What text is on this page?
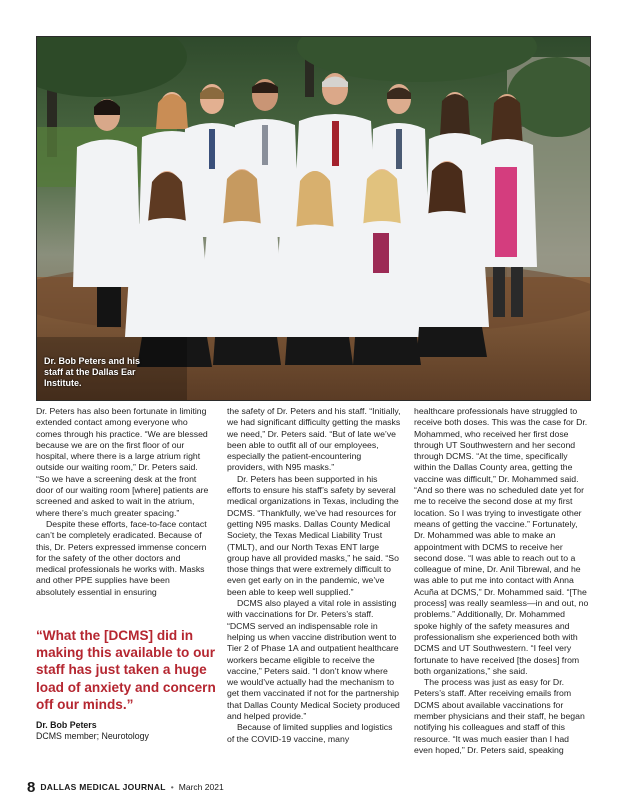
Dr. Bob Peters and his staff at the Dallas Ear Institute.

Dr. Peters has also been fortunate in limiting extended contact among everyone who comes through his practice. “We are blessed because we are on the first floor of our hospital, where there is a large atrium right outside our waiting room,” Dr. Peters said. “So we have a screening desk at the front door of our waiting room [where] patients are screened and asked to wait in the atrium, where there’s much greater spacing.”

Despite these efforts, face-to-face contact can’t be completely eradicated. Because of this, Dr. Peters expressed immense concern for the safety of the other doctors and medical professionals he works with. Masks and other PPE supplies have been absolutely essential in ensuring

“What the [DCMS] did in making this available to our staff has just taken a huge load of anxiety and concern off our minds.”

Dr. Bob Peters
DCMS member; Neurotology

the safety of Dr. Peters and his staff. “Initially, we had significant difficulty getting the masks we need,” Dr. Peters said. “But of late we’ve been able to outfit all of our employees, especially the patient-encountering providers, with N95 masks.”

Dr. Peters has been supported in his efforts to ensure his staff’s safety by several medical organizations in Texas, including the DCMS. “Thankfully, we’ve had resources for getting N95 masks. Dallas County Medical Society, the Texas Medical Liability Trust (TMLT), and our North Texas ENT large group have all provided masks,” he said. “So those things that were extremely difficult to even get early on in the pandemic, we’ve been able to keep well supplied.”

DCMS also played a vital role in assisting with vaccinations for Dr. Peters’s staff. “DCMS served an indispensable role in helping us when vaccine distribution went to Tier 2 of Phase 1A and outpatient healthcare workers became eligible to receive the vaccine,” Peters said. “I don’t know where we would’ve actually had the mechanism to get them vaccinated if not for the partnership that Dallas County Medical Society produced and helped provide.”

Because of limited supplies and logistics of the COVID-19 vaccine, many

healthcare professionals have struggled to receive both doses. This was the case for Dr. Mohammed, who received her first dose through UT Southwestern and her second through DCMS. “At the time, specifically within the Dallas County area, getting the vaccine was difficult,” Dr. Mohammed said. “And so there was no scheduled date yet for me to receive the second dose at my first location. So I was trying to investigate other means of getting the vaccine.” Fortunately, Dr. Mohammed was able to make an appointment with DCMS to receive her second dose. “I was able to reach out to a colleague of mine, Dr. Anil Tibrewal, and he was able to put me into contact with Anna Acuña at DCMS,” Dr. Mohammed said. “[The process] was really seamless—in and out, no problems.” Additionally, Dr. Mohammed spoke highly of the safety measures and professionalism she experienced both with DCMS and UT Southwestern. “I feel very fortunate to have received [the doses] from both organizations,” she said.

The process was just as easy for Dr. Peters’s staff. After receiving emails from DCMS about available vaccinations for member physicians and their staff, he began notifying his colleagues and staff of this resource. “It was much easier than I had even hoped,” Dr. Peters said, speaking

8 DALLAS MEDICAL JOURNAL • March 2021
